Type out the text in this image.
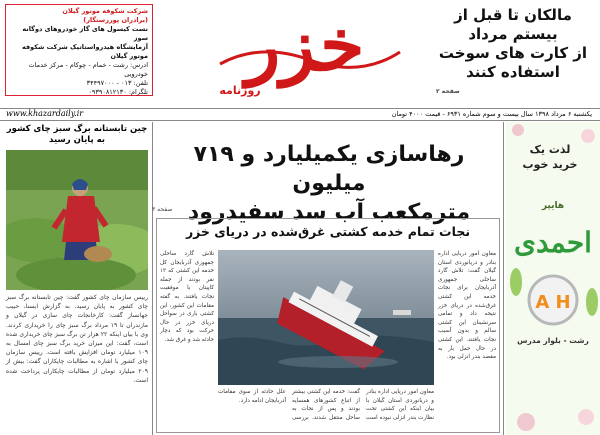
شرکت شکوفه موتور گیلان
(برادران پوررستگار)
نست کیسول های گاز خودروهای دوگانه سوز
آزمایشگاه هیدرواستاتیک شرکت شکوفه موتور گیلان
ادرس: رشت - خمام - چوکام - مرکز خدمات خودرویی
تلفن: ۰۱۳ - ۳۴۴۹۷۰۰۰
تلگرام: ۰۹۳۹۰۸۱۲۱۳۰
خزر
روزنامه
مالکان تا قبل از
بیستم مرداد
از کارت های سوخت
استفاده کنند
صفحه ۲
www.khazardaily.ir	یکشنبه ۶ مرداد ۱۳۹۸ سال بیست و سوم شماره ۶۹۳۱ - قیمت ۴۰۰۰ تومان
چین تابستانه برگ سبز چای کشور به پایان رسید
رییس سازمان چای کشور گفت: چین تابستانه برگ سبز چای کشور به پایان رسید. به گزارش ایسنا، حبیب جهانساز گفت: کارخانجات چای سازی در گیلان و مازندران تا ۱۹ مرداد برگ سبز چای را خریداری کردند. وی با بیان اینکه ۲۲ هزار تن برگ سبز چای خریداری شده است، گفت: این میزان خرید برگ سبز چای امسال به ۱۰۹ میلیارد تومان افزایش یافته است. رییس سازمان چای کشور با اشاره به مطالبات چایکاران گفت: بیش از ۲۰۹ میلیارد تومان از مطالبات چایکاران پرداخت شده است.
هایپر
احمدی
A H
لذت یک
خرید خوب
رشت - بلوار مدرس
رهاسازی یکمیلیارد و ۷۱۹ میلیون
مترمکعب آب سد سفیدرود
صفحه ۳
نجات تمام خدمه کشتی غرق‌شده در دریای خزر
معاون امور دریایی اداره بنادر و دریانوردی استان گیلان گفت: تلاش گارد ساحلی جمهوری آذربایجان برای نجات خدمه این کشتی غرق‌شده در دریای خزر نتیجه داد و تمامی سرنشینان این کشتی سالم و بدون آسیب نجات یافتند. این کشتی در حال حمل بار به مقصد بندر انزلی بود.
تلاش گارد ساحلی جمهوری آذربایجان کل خدمه این کشتی که ۱۳ نفر بودند از جمله کاپیتان با موفقیت نجات یافتند. به گفته مقامات این کشور، این کشتی باری در سواحل دریای خزر در حال حرکت بود که دچار حادثه شد و غرق شد.
معاون امور دریایی اداره بنادر و دریانوردی استان گیلان با بیان اینکه این کشتی تحت نظارت بندر انزلی نبوده است گفت: خدمه این کشتی بیشتر از اتباع کشورهای همسایه بودند و پس از نجات به ساحل منتقل شدند. بررسی علل حادثه از سوی مقامات آذربایجان ادامه دارد.
